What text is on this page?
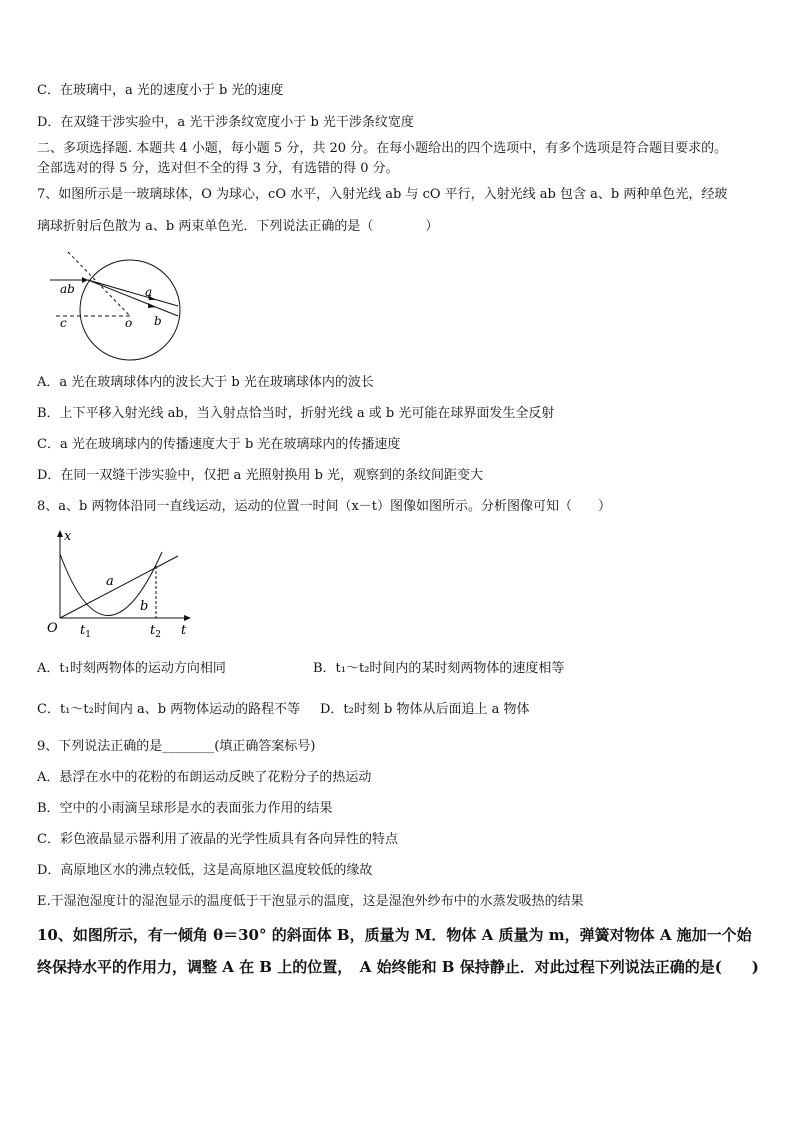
C．在玻璃中，a 光的速度小于 b 光的速度
D．在双缝干涉实验中，a 光干涉条纹宽度小于 b 光干涉条纹宽度
二、多项选择题. 本题共 4 小题，每小题 5 分，共 20 分。在每小题给出的四个选项中，有多个选项是符合题目要求的。
全部选对的得 5 分，选对但不全的得 3 分，有选错的得 0 分。
7、如图所示是一玻璃球体，O 为球心，cO 水平，入射光线 ab 与 cO 平行，入射光线 ab 包含 a、b 两种单色光，经玻
璃球折射后色散为 a、b 两束单色光．下列说法正确的是（　　　　）
ab	a
b
c	o
A．a 光在玻璃球体内的波长大于 b 光在玻璃球体内的波长
B．上下平移入射光线 ab，当入射点恰当时，折射光线 a 或 b 光可能在球界面发生全反射
C．a 光在玻璃球内的传播速度大于 b 光在玻璃球内的传播速度
D．在同一双缝干涉实验中，仅把 a 光照射换用 b 光，观察到的条纹间距变大
8、a、b 两物体沿同一直线运动，运动的位置一时间（x－t）图像如图所示。分析图像可知（　　）
x
t
O
a
b
$t_1$	$t_2$
A．t₁时刻两物体的运动方向相同	B．t₁～t₂时间内的某时刻两物体的速度相等
C．t₁～t₂时间内 a、b 两物体运动的路程不等 D．t₂时刻 b 物体从后面追上 a 物体
9、下列说法正确的是________(填正确答案标号)
A．悬浮在水中的花粉的布朗运动反映了花粉分子的热运动
B．空中的小雨滴呈球形是水的表面张力作用的结果
C．彩色液晶显示器利用了液晶的光学性质具有各向异性的特点
D．高原地区水的沸点较低，这是高原地区温度较低的缘故
E.干湿泡湿度计的湿泡显示的温度低于干泡显示的温度，这是湿泡外纱布中的水蒸发吸热的结果
10、如图所示，有一倾角 θ＝30° 的斜面体 B，质量为 M．物体 A 质量为 m，弹簧对物体 A 施加一个始
终保持水平的作用力，调整 A 在 B 上的位置，　A 始终能和 B 保持静止．对此过程下列说法正确的是(　　)
